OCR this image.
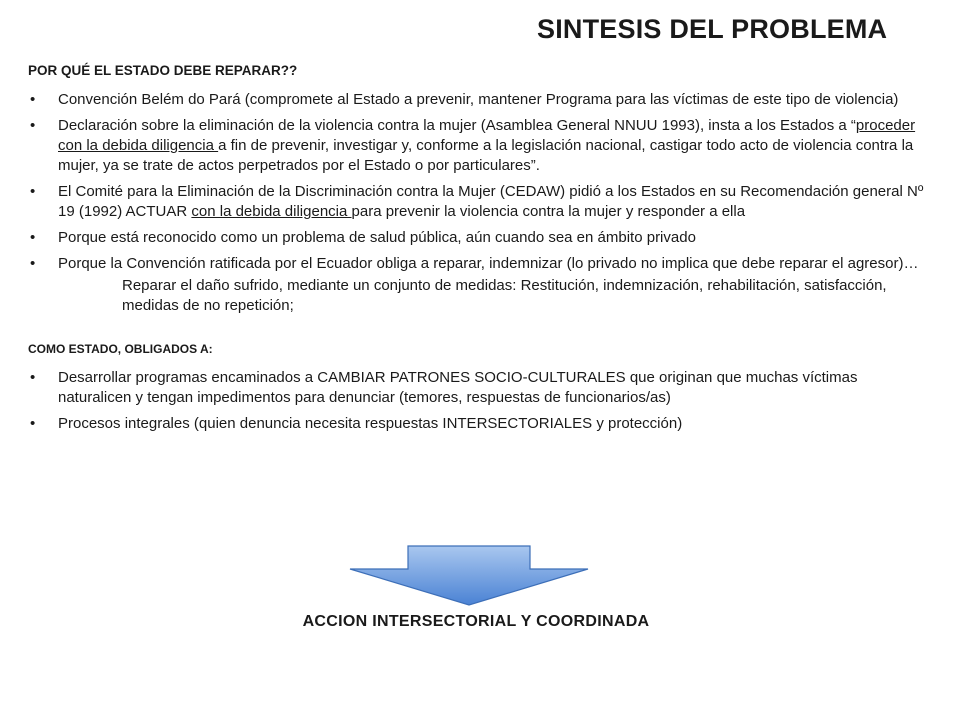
SINTESIS DEL PROBLEMA
POR QUÉ EL ESTADO DEBE REPARAR??
• Convención Belém do Pará (compromete al Estado a prevenir, mantener Programa para las víctimas de este tipo de violencia)
• Declaración sobre la eliminación de la violencia contra la mujer (Asamblea General NNUU 1993), insta a los Estados a “proceder con la debida diligencia a fin de prevenir, investigar y, conforme a la legislación nacional, castigar todo acto de violencia contra la mujer, ya se trate de actos perpetrados por el Estado o por particulares”.
• El Comité para la Eliminación de la Discriminación contra la Mujer (CEDAW) pidió a los Estados en su Recomendación general Nº 19 (1992) ACTUAR con la debida diligencia para prevenir la violencia contra la mujer y responder a ella
• Porque está reconocido como un problema de salud pública, aún cuando sea en ámbito privado
• Porque la Convención ratificada por el Ecuador obliga a reparar, indemnizar (lo privado no implica que debe reparar el agresor)…
Reparar el daño sufrido, mediante un conjunto de medidas: Restitución, indemnización, rehabilitación, satisfacción, medidas de no repetición;
COMO ESTADO, OBLIGADOS A:
• Desarrollar programas encaminados a CAMBIAR PATRONES SOCIO-CULTURALES que originan que muchas víctimas naturalicen y tengan impedimentos para denunciar (temores, respuestas de funcionarios/as)
• Procesos integrales (quien denuncia necesita respuestas INTERSECTORIALES y protección)
ACCION INTERSECTORIAL Y COORDINADA
